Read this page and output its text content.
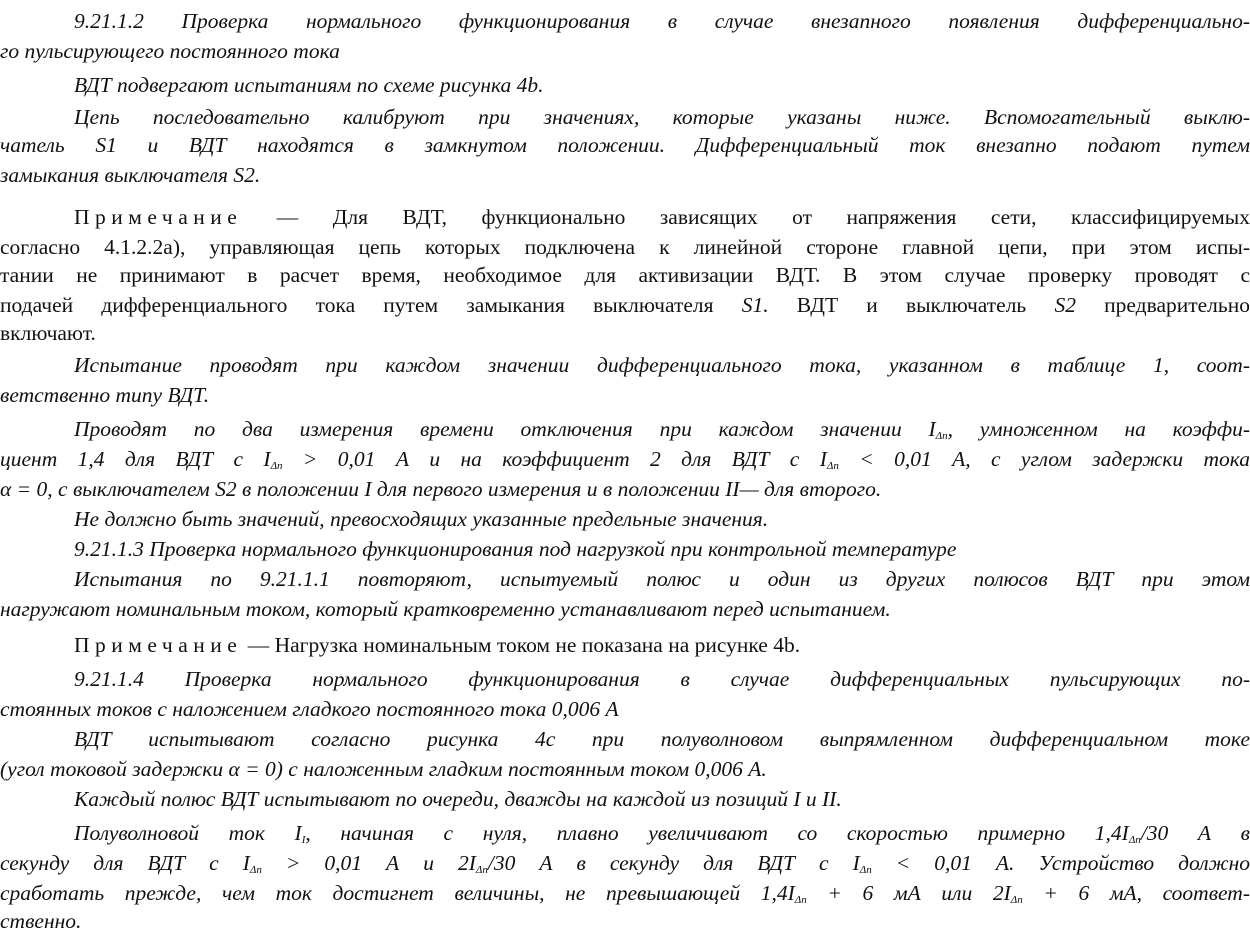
9.21.1.2 Проверка нормального функционирования в случае внезапного появления дифференциально-
го пульсирующего постоянного тока
ВДТ подвергают испытаниям по схеме рисунка 4b.
Цепь последовательно калибруют при значениях, которые указаны ниже. Вспомогательный выклю-
чатель S1 и ВДТ находятся в замкнутом положении. Дифференциальный ток внезапно подают путем
замыкания выключателя S2.
Примечание — Для ВДТ, функционально зависящих от напряжения сети, классифицируемых
согласно 4.1.2.2а), управляющая цепь которых подключена к линейной стороне главной цепи, при этом испы-
тании не принимают в расчет время, необходимое для активизации ВДТ. В этом случае проверку проводят с
подачей дифференциального тока путем замыкания выключателя S1. ВДТ и выключатель S2 предварительно
включают.
Испытание проводят при каждом значении дифференциального тока, указанном в таблице 1, соот-
ветственно типу ВДТ.
Проводят по два измерения времени отключения при каждом значении $I_{\Delta n}$, умноженном на коэффи-
циент 1,4 для ВДТ с $I_{\Delta n} > 0,01$ А и на коэффициент 2 для ВДТ с $I_{\Delta n} < 0,01$ А, с углом задержки тока
α = 0, с выключателем S2 в положении I для первого измерения и в положении II— для второго.
Не должно быть значений, превосходящих указанные предельные значения.
9.21.1.3 Проверка нормального функционирования под нагрузкой при контрольной температуре
Испытания по 9.21.1.1 повторяют, испытуемый полюс и один из других полюсов ВДТ при этом
нагружают номинальным током, который кратковременно устанавливают перед испытанием.
Примечание — Нагрузка номинальным током не показана на рисунке 4b.
9.21.1.4 Проверка нормального функционирования в случае дифференциальных пульсирующих по-
стоянных токов с наложением гладкого постоянного тока 0,006 А
ВДТ испытывают согласно рисунка 4с при полуволновом выпрямленном дифференциальном токе
(угол токовой задержки α = 0) с наложенным гладким постоянным током 0,006 А.
Каждый полюс ВДТ испытывают по очереди, дважды на каждой из позиций I и II.
Полуволновой ток $I_I$, начиная с нуля, плавно увеличивают со скоростью примерно $1,4I_{\Delta n}/30$ А в
секунду для ВДТ с $I_{\Delta n} > 0,01$ А и $2I_{\Delta n}/30$ А в секунду для ВДТ с $I_{\Delta n} < 0,01$ А. Устройство должно
сработать прежде, чем ток достигнет величины, не превышающей $1,4I_{\Delta n} + 6$ мА или $2I_{\Delta n} + 6$ мА, соответ-
ственно.
